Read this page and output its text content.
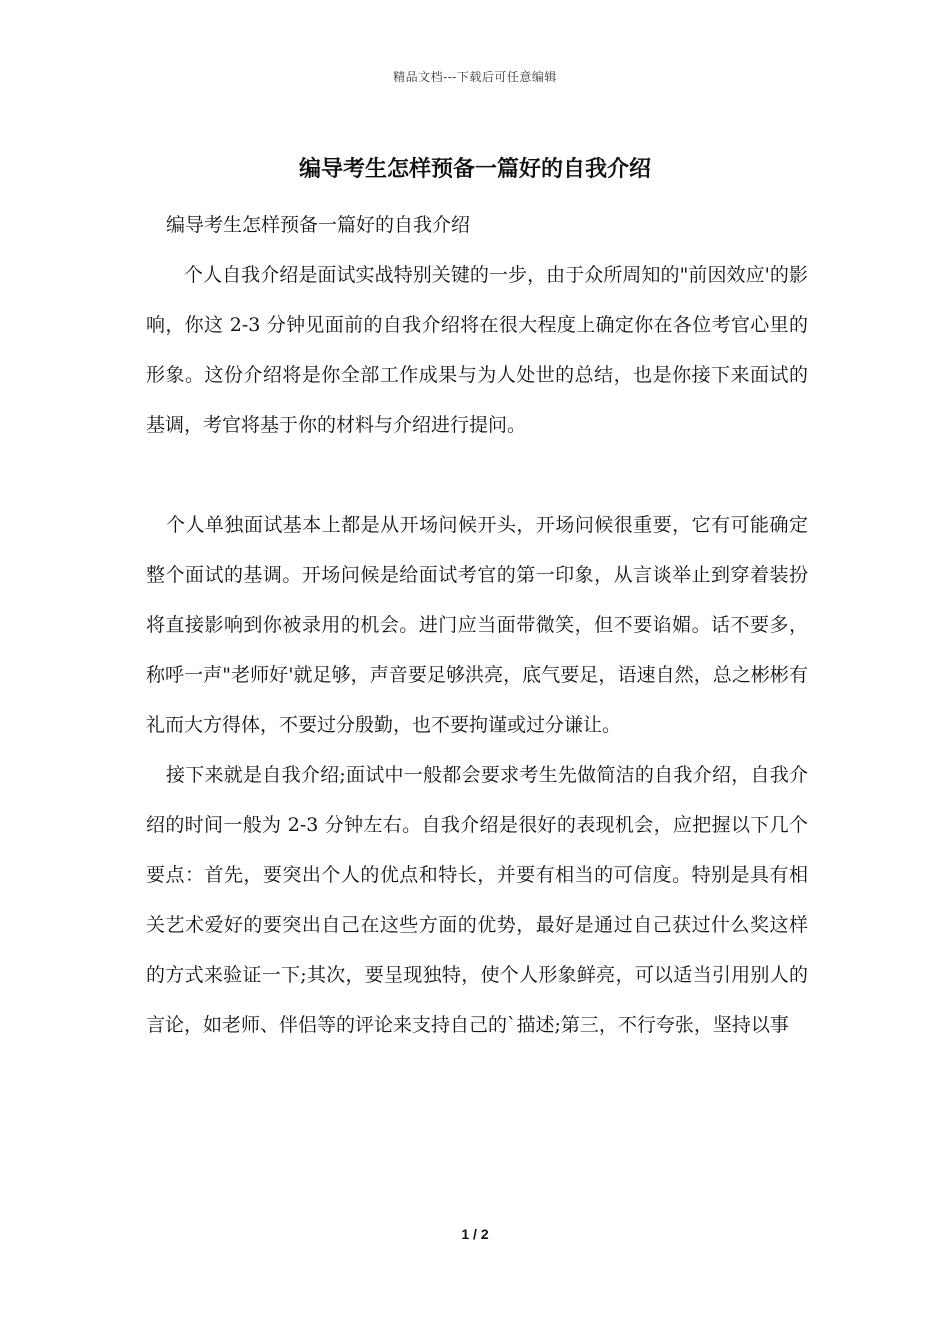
精品文档---下载后可任意编辑
编导考生怎样预备一篇好的自我介绍

编导考生怎样预备一篇好的自我介绍

个人自我介绍是面试实战特别关键的一步，由于众所周知的"前因效应'的影响，你这 2-3 分钟见面前的自我介绍将在很大程度上确定你在各位考官心里的形象。这份介绍将是你全部工作成果与为人处世的总结，也是你接下来面试的基调，考官将基于你的材料与介绍进行提问。

个人单独面试基本上都是从开场问候开头，开场问候很重要，它有可能确定整个面试的基调。开场问候是给面试考官的第一印象，从言谈举止到穿着装扮将直接影响到你被录用的机会。进门应当面带微笑，但不要谄媚。话不要多，称呼一声"老师好'就足够，声音要足够洪亮，底气要足，语速自然，总之彬彬有礼而大方得体，不要过分殷勤，也不要拘谨或过分谦让。

接下来就是自我介绍;面试中一般都会要求考生先做简洁的自我介绍，自我介绍的时间一般为 2-3 分钟左右。自我介绍是很好的表现机会，应把握以下几个要点：首先，要突出个人的优点和特长，并要有相当的可信度。特别是具有相关艺术爱好的要突出自己在这些方面的优势，最好是通过自己获过什么奖这样的方式来验证一下;其次，要呈现独特，使个人形象鲜亮，可以适当引用别人的言论，如老师、伴侣等的评论来支持自己的`描述;第三，不行夸张，坚持以事

1 / 2
